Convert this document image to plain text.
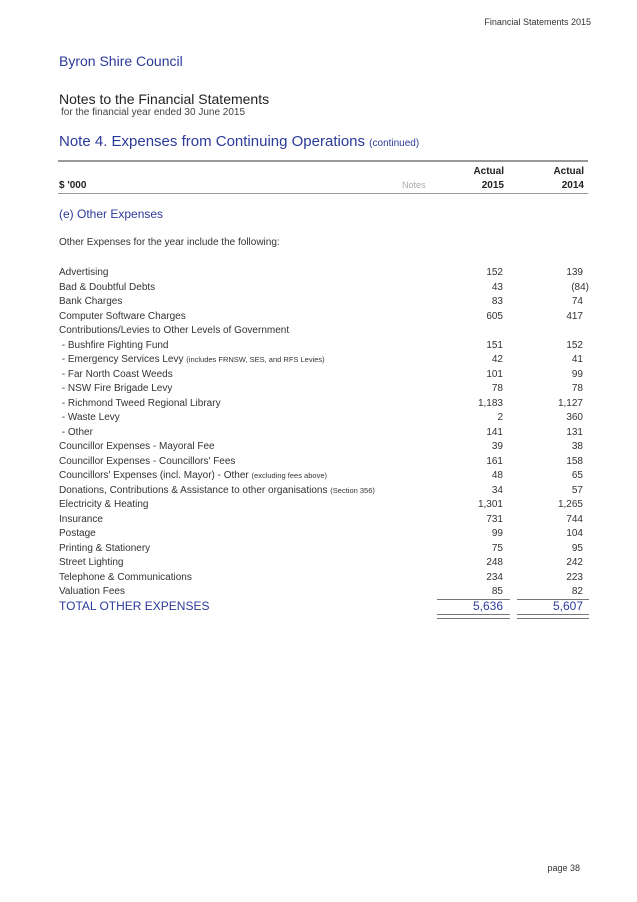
Financial Statements 2015
Byron Shire Council
Notes to the Financial Statements
for the financial year ended 30 June 2015
Note 4. Expenses from Continuing Operations (continued)
Actual	Actual
$ '000	Notes	2015	2014
(e) Other Expenses
Other Expenses for the year include the following:
Advertising	152	139
Bad & Doubtful Debts	43	(84)
Bank Charges	83	74
Computer Software Charges	605	417
Contributions/Levies to Other Levels of Government
- Bushfire Fighting Fund	151	152
- Emergency Services Levy (includes FRNSW, SES, and RFS Levies)	42	41
- Far North Coast Weeds	101	99
- NSW Fire Brigade Levy	78	78
- Richmond Tweed Regional Library	1,183	1,127
- Waste Levy	2	360
- Other	141	131
Councillor Expenses - Mayoral Fee	39	38
Councillor Expenses - Councillors' Fees	161	158
Councillors' Expenses (incl. Mayor) - Other (excluding fees above)	48	65
Donations, Contributions & Assistance to other organisations (Section 356)	34	57
Electricity & Heating	1,301	1,265
Insurance	731	744
Postage	99	104
Printing & Stationery	75	95
Street Lighting	248	242
Telephone & Communications	234	223
Valuation Fees	85	82
TOTAL OTHER EXPENSES	5,636	5,607
page 38
